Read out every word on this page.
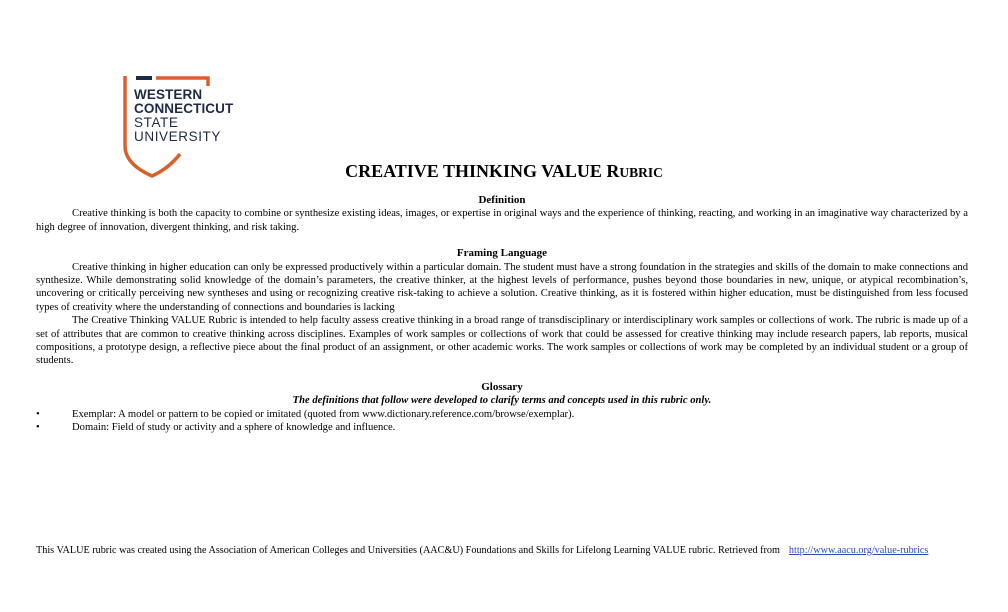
WESTERN
CONNECTICUT
STATE
UNIVERSITY
CREATIVE THINKING VALUE RUBRIC
Definition

Creative thinking is both the capacity to combine or synthesize existing ideas, images, or expertise in original ways and the experience of thinking, reacting, and working in an imaginative way characterized by a high degree of innovation, divergent thinking, and risk taking.

Framing Language

Creative thinking in higher education can only be expressed productively within a particular domain. The student must have a strong foundation in the strategies and skills of the domain to make connections and synthesize. While demonstrating solid knowledge of the domain’s parameters, the creative thinker, at the highest levels of performance, pushes beyond those boundaries in new, unique, or atypical recombination’s, uncovering or critically perceiving new syntheses and using or recognizing creative risk-taking to achieve a solution. Creative thinking, as it is fostered within higher education, must be distinguished from less focused types of creativity where the understanding of connections and boundaries is lacking

The Creative Thinking VALUE Rubric is intended to help faculty assess creative thinking in a broad range of transdisciplinary or interdisciplinary work samples or collections of work. The rubric is made up of a set of attributes that are common to creative thinking across disciplines. Examples of work samples or collections of work that could be assessed for creative thinking may include research papers, lab reports, musical compositions, a prototype design, a reflective piece about the final product of an assignment, or other academic works. The work samples or collections of work may be completed by an individual student or a group of students.

Glossary
The definitions that follow were developed to clarify terms and concepts used in this rubric only.
•	Exemplar: A model or pattern to be copied or imitated (quoted from www.dictionary.reference.com/browse/exemplar).
•	Domain: Field of study or activity and a sphere of knowledge and influence.
This VALUE rubric was created using the Association of American Colleges and Universities (AAC&U) Foundations and Skills for Lifelong Learning VALUE rubric. Retrieved from http://www.aacu.org/value-rubrics
